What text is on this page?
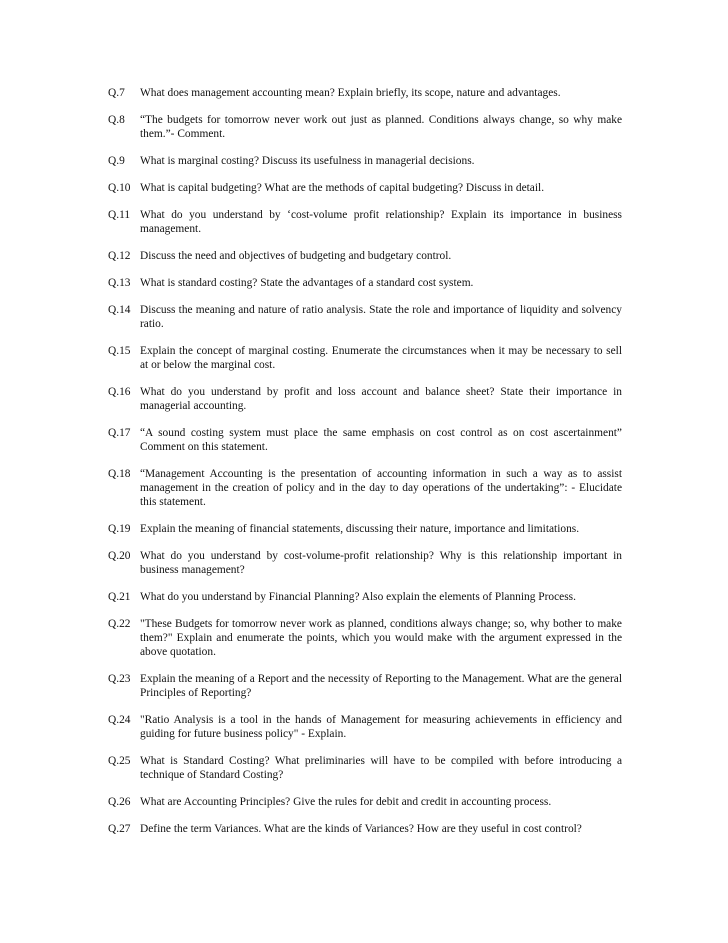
Q.7	What does management accounting mean? Explain briefly, its scope, nature and advantages.
Q.8	“The budgets for tomorrow never work out just as planned. Conditions always change, so why make them.”- Comment.
Q.9	What is marginal costing? Discuss its usefulness in managerial decisions.
Q.10 What is capital budgeting? What are the methods of capital budgeting? Discuss in detail.
Q.11 What do you understand by ‘cost-volume profit relationship? Explain its importance in business management.
Q.12 Discuss the need and objectives of budgeting and budgetary control.
Q.13 What is standard costing? State the advantages of a standard cost system.
Q.14 Discuss the meaning and nature of ratio analysis. State the role and importance of liquidity and solvency ratio.
Q.15 Explain the concept of marginal costing. Enumerate the circumstances when it may be necessary to sell at or below the marginal cost.
Q.16 What do you understand by profit and loss account and balance sheet? State their importance in managerial accounting.
Q.17 “A sound costing system must place the same emphasis on cost control as on cost ascertainment” Comment on this statement.
Q.18 “Management Accounting is the presentation of accounting information in such a way as to assist management in the creation of policy and in the day to day operations of the undertaking”: - Elucidate this statement.
Q.19 Explain the meaning of financial statements, discussing their nature, importance and limitations.
Q.20 What do you understand by cost-volume-profit relationship? Why is this relationship important in business management?
Q.21 What do you understand by Financial Planning? Also explain the elements of Planning Process.
Q.22 "These Budgets for tomorrow never work as planned, conditions always change; so, why bother to make them?" Explain and enumerate the points, which you would make with the argument expressed in the above quotation.
Q.23 Explain the meaning of a Report and the necessity of Reporting to the Management. What are the general Principles of Reporting?
Q.24 "Ratio Analysis is a tool in the hands of Management for measuring achievements in efficiency and guiding for future business policy" - Explain.
Q.25 What is Standard Costing? What preliminaries will have to be compiled with before introducing a technique of Standard Costing?
Q.26 What are Accounting Principles? Give the rules for debit and credit in accounting process.
Q.27 Define the term Variances. What are the kinds of Variances? How are they useful in cost control?
